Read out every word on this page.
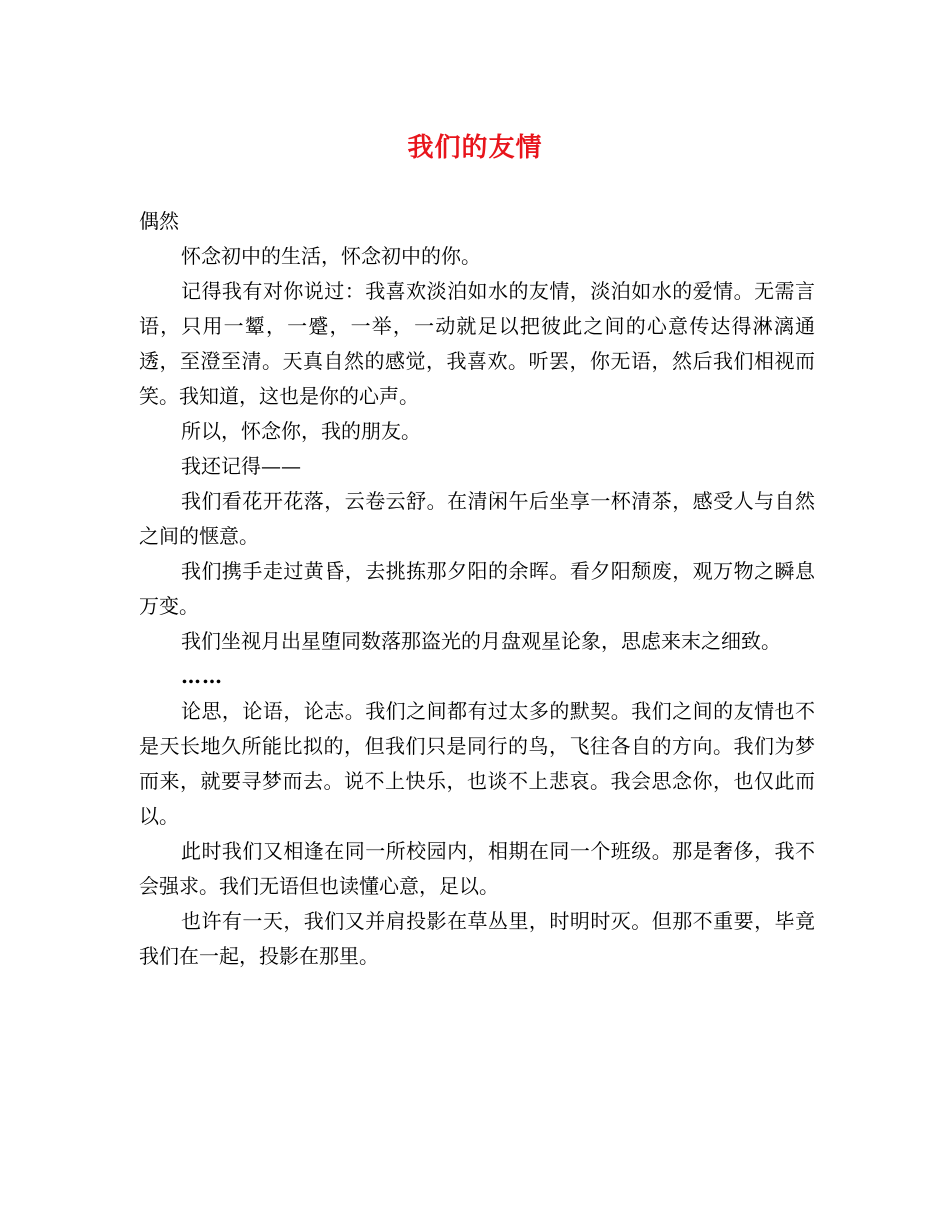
我们的友情

偶然

怀念初中的生活，怀念初中的你。

记得我有对你说过：我喜欢淡泊如水的友情，淡泊如水的爱情。无需言语，只用一颦，一蹙，一举，一动就足以把彼此之间的心意传达得淋漓通透，至澄至清。天真自然的感觉，我喜欢。听罢，你无语，然后我们相视而笑。我知道，这也是你的心声。

所以，怀念你，我的朋友。

我还记得——

我们看花开花落，云卷云舒。在清闲午后坐享一杯清茶，感受人与自然之间的惬意。

我们携手走过黄昏，去挑拣那夕阳的余晖。看夕阳颓废，观万物之瞬息万变。

我们坐视月出星堕同数落那盗光的月盘观星论象，思虑来末之细致。

……

论思，论语，论志。我们之间都有过太多的默契。我们之间的友情也不是天长地久所能比拟的，但我们只是同行的鸟，飞往各自的方向。我们为梦而来，就要寻梦而去。说不上快乐，也谈不上悲哀。我会思念你，也仅此而以。

此时我们又相逢在同一所校园内，相期在同一个班级。那是奢侈，我不会强求。我们无语但也读懂心意，足以。

也许有一天，我们又并肩投影在草丛里，时明时灭。但那不重要，毕竟我们在一起，投影在那里。
